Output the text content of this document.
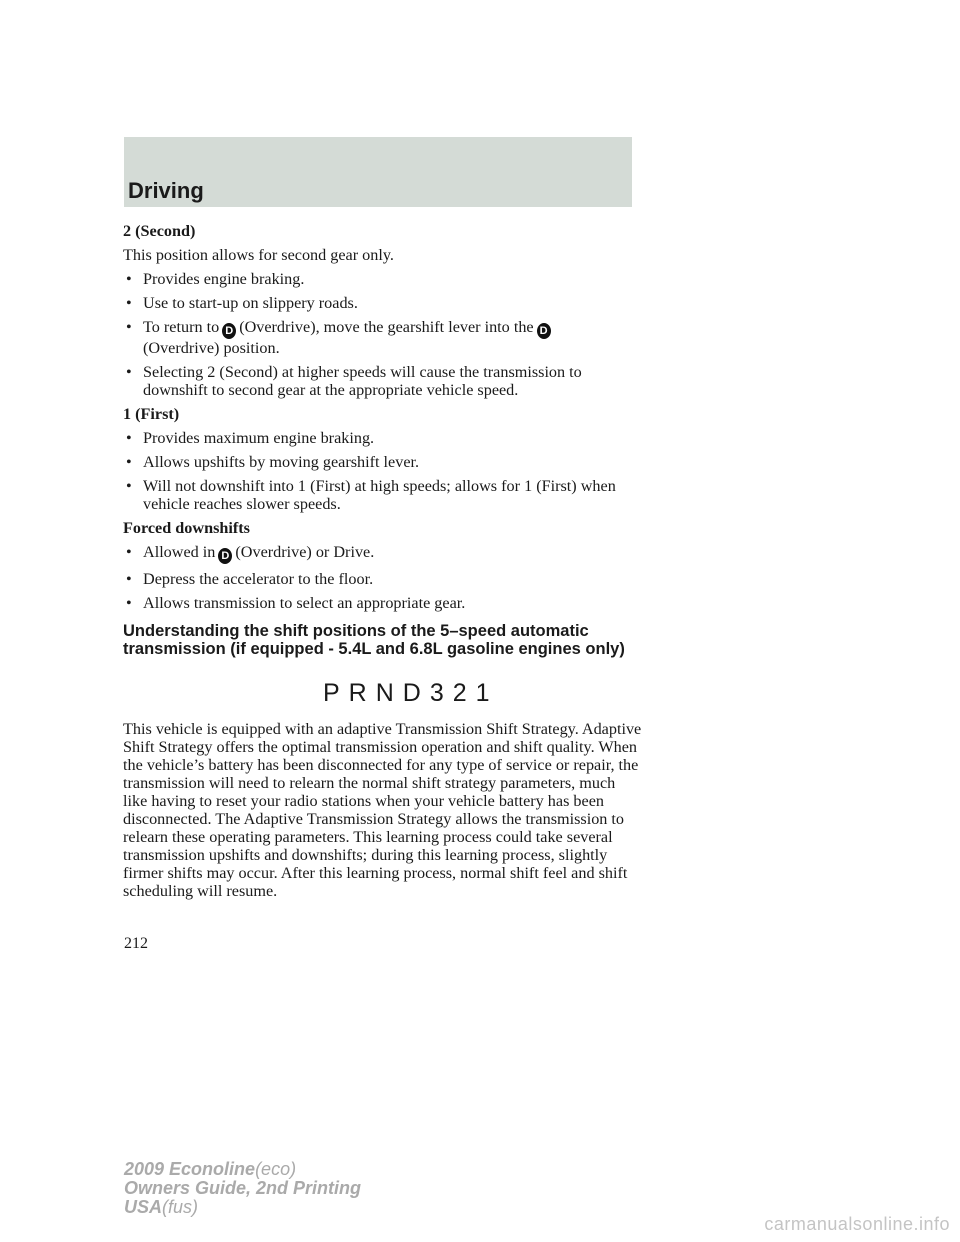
Driving
2 (Second)
This position allows for second gear only.
• Provides engine braking.
• Use to start-up on slippery roads.
• To return to D (Overdrive), move the gearshift lever into the D
(Overdrive) position.
• Selecting 2 (Second) at higher speeds will cause the transmission to downshift to second gear at the appropriate vehicle speed.
1 (First)
• Provides maximum engine braking.
• Allows upshifts by moving gearshift lever.
• Will not downshift into 1 (First) at high speeds; allows for 1 (First) when vehicle reaches slower speeds.
Forced downshifts
• Allowed in D (Overdrive) or Drive.
• Depress the accelerator to the floor.
• Allows transmission to select an appropriate gear.
Understanding the shift positions of the 5–speed automatic transmission (if equipped - 5.4L and 6.8L gasoline engines only)
PRND321

This vehicle is equipped with an adaptive Transmission Shift Strategy. Adaptive Shift Strategy offers the optimal transmission operation and shift quality. When the vehicle’s battery has been disconnected for any type of service or repair, the transmission will need to relearn the normal shift strategy parameters, much like having to reset your radio stations when your vehicle battery has been disconnected. The Adaptive Transmission Strategy allows the transmission to relearn these operating parameters. This learning process could take several transmission upshifts and downshifts; during this learning process, slightly firmer shifts may occur. After this learning process, normal shift feel and shift scheduling will resume.

212
2009 Econoline(eco)
Owners Guide, 2nd Printing
USA(fus)
carmanualsonline.info
